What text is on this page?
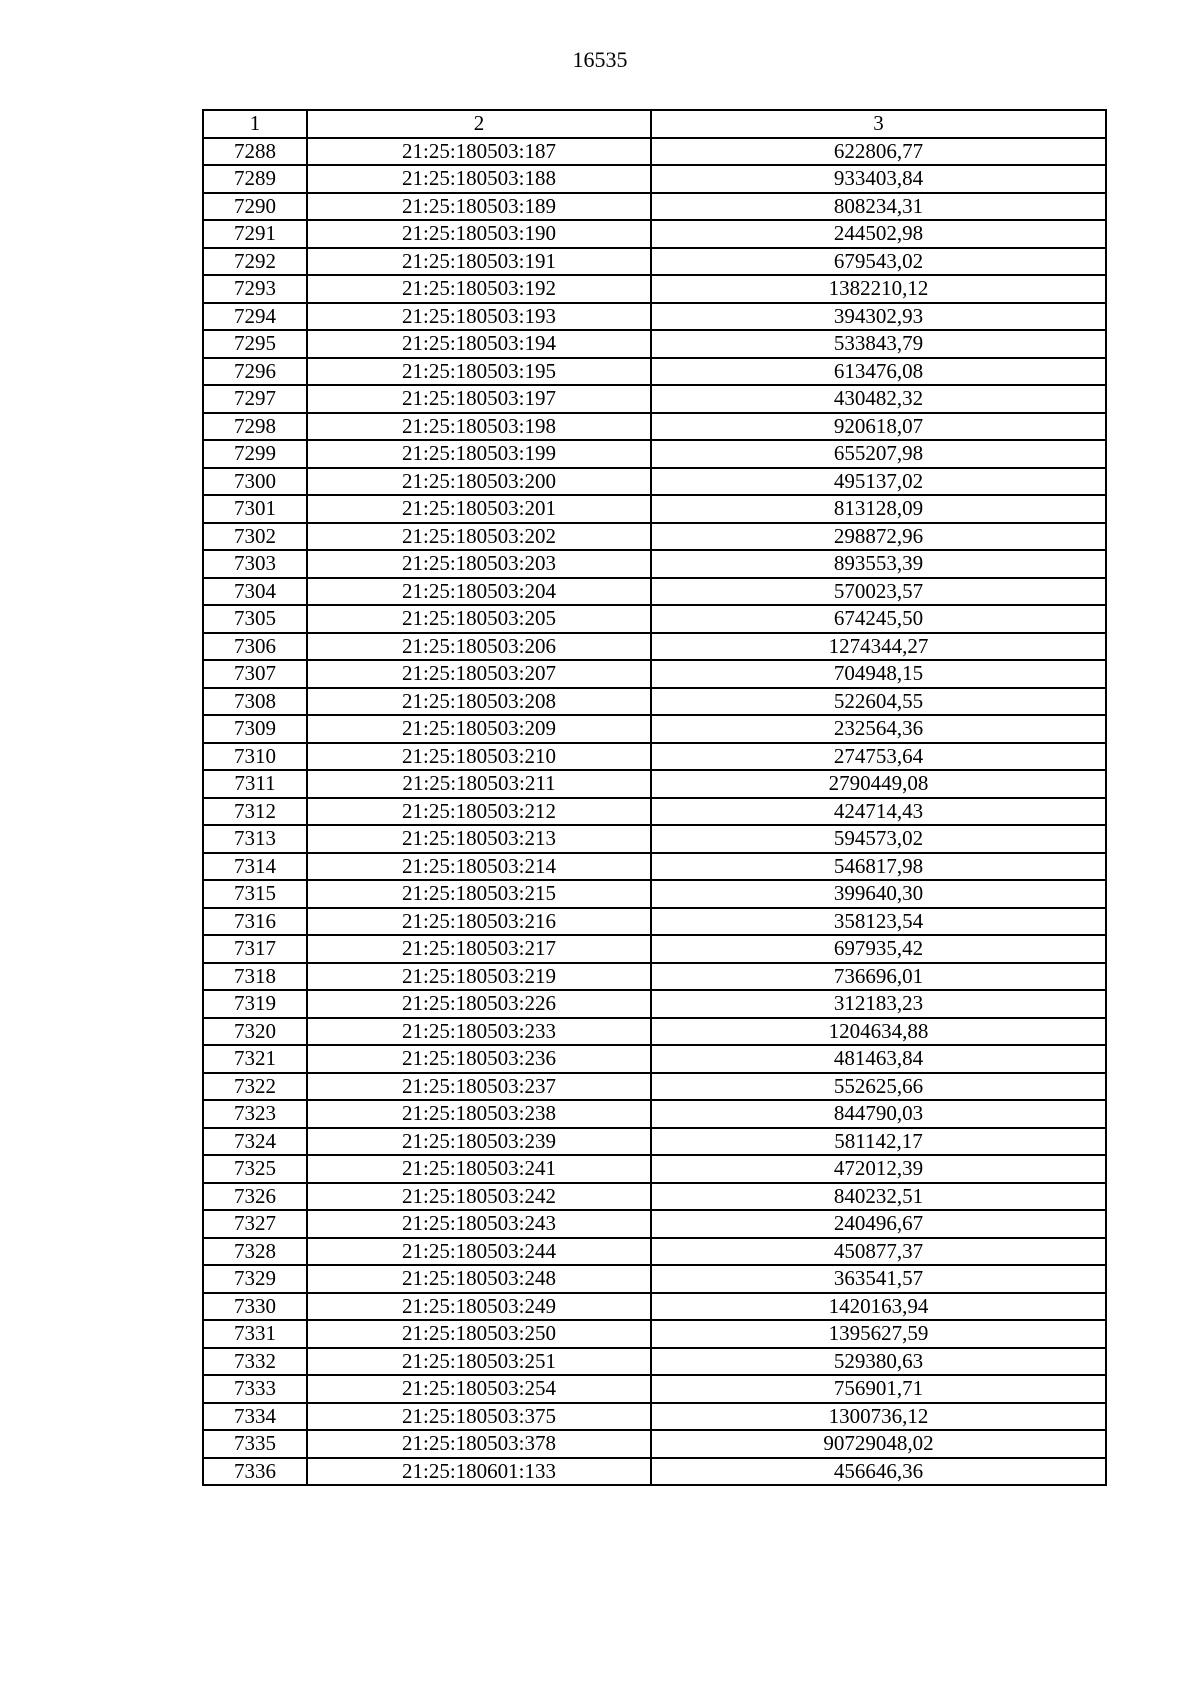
16535
1	2	3
7288	21:25:180503:187	622806,77
7289	21:25:180503:188	933403,84
7290	21:25:180503:189	808234,31
7291	21:25:180503:190	244502,98
7292	21:25:180503:191	679543,02
7293	21:25:180503:192	1382210,12
7294	21:25:180503:193	394302,93
7295	21:25:180503:194	533843,79
7296	21:25:180503:195	613476,08
7297	21:25:180503:197	430482,32
7298	21:25:180503:198	920618,07
7299	21:25:180503:199	655207,98
7300	21:25:180503:200	495137,02
7301	21:25:180503:201	813128,09
7302	21:25:180503:202	298872,96
7303	21:25:180503:203	893553,39
7304	21:25:180503:204	570023,57
7305	21:25:180503:205	674245,50
7306	21:25:180503:206	1274344,27
7307	21:25:180503:207	704948,15
7308	21:25:180503:208	522604,55
7309	21:25:180503:209	232564,36
7310	21:25:180503:210	274753,64
7311	21:25:180503:211	2790449,08
7312	21:25:180503:212	424714,43
7313	21:25:180503:213	594573,02
7314	21:25:180503:214	546817,98
7315	21:25:180503:215	399640,30
7316	21:25:180503:216	358123,54
7317	21:25:180503:217	697935,42
7318	21:25:180503:219	736696,01
7319	21:25:180503:226	312183,23
7320	21:25:180503:233	1204634,88
7321	21:25:180503:236	481463,84
7322	21:25:180503:237	552625,66
7323	21:25:180503:238	844790,03
7324	21:25:180503:239	581142,17
7325	21:25:180503:241	472012,39
7326	21:25:180503:242	840232,51
7327	21:25:180503:243	240496,67
7328	21:25:180503:244	450877,37
7329	21:25:180503:248	363541,57
7330	21:25:180503:249	1420163,94
7331	21:25:180503:250	1395627,59
7332	21:25:180503:251	529380,63
7333	21:25:180503:254	756901,71
7334	21:25:180503:375	1300736,12
7335	21:25:180503:378	90729048,02
7336	21:25:180601:133	456646,36
